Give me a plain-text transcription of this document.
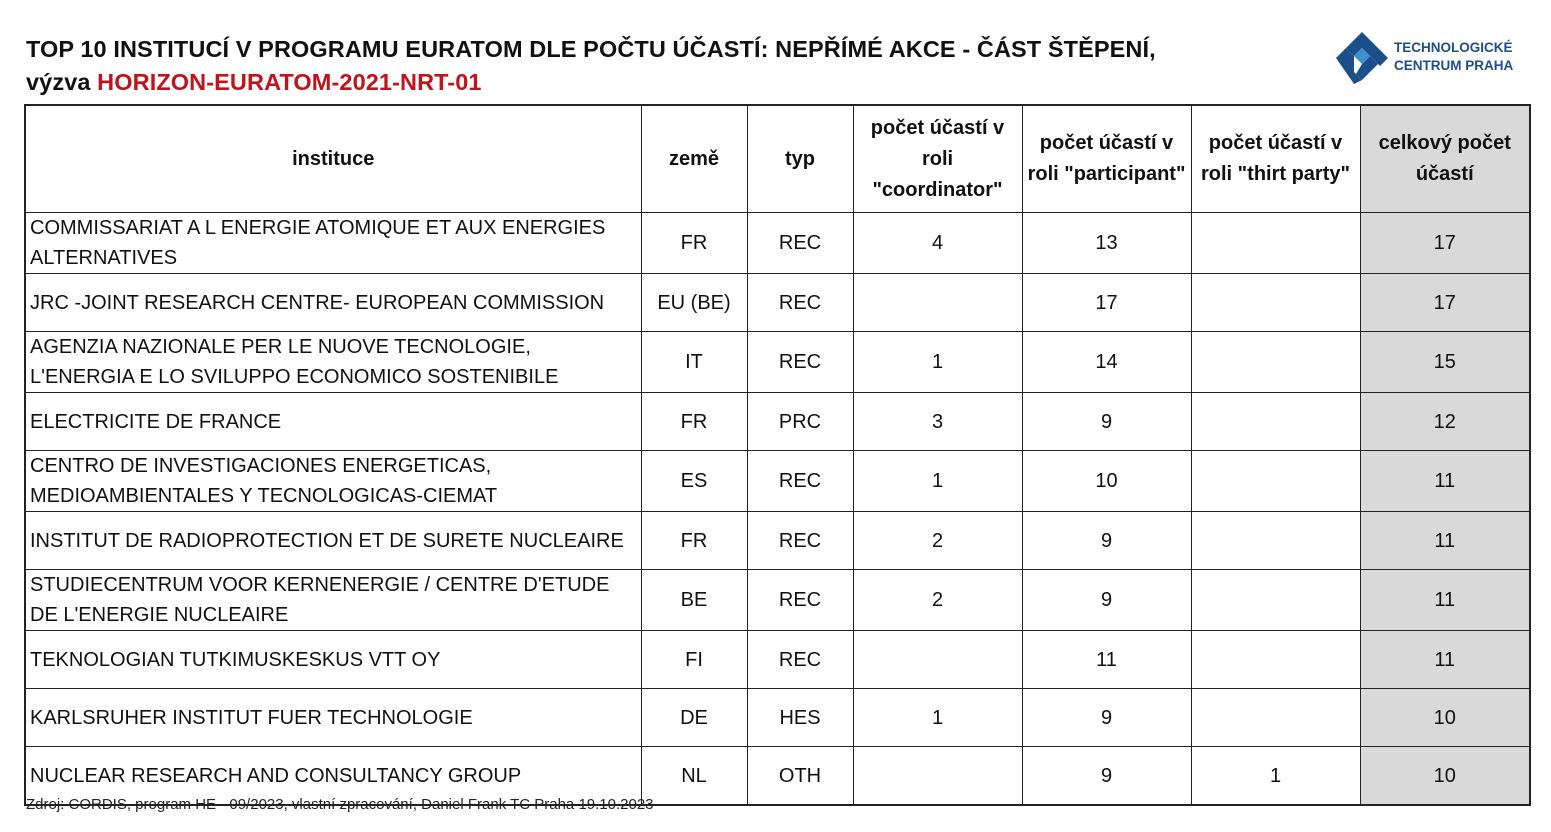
TOP 10 INSTITUCÍ V PROGRAMU EURATOM DLE POČTU ÚČASTÍ: NEPŘÍMÉ AKCE - ČÁST ŠTĚPENÍ,
výzva HORIZON-EURATOM-2021-NRT-01
TECHNOLOGICKÉ
CENTRUM PRAHA
instituce	země	typ	počet účastí v roli "coordinator"	počet účastí v roli "participant"	počet účastí v roli "thirt party"	celkový počet účastí
COMMISSARIAT A L ENERGIE ATOMIQUE ET AUX ENERGIES ALTERNATIVES	FR	REC	4	13		17
JRC -JOINT RESEARCH CENTRE- EUROPEAN COMMISSION	EU (BE)	REC		17		17
AGENZIA NAZIONALE PER LE NUOVE TECNOLOGIE, L'ENERGIA E LO SVILUPPO ECONOMICO SOSTENIBILE	IT	REC	1	14		15
ELECTRICITE DE FRANCE	FR	PRC	3	9		12
CENTRO DE INVESTIGACIONES ENERGETICAS, MEDIOAMBIENTALES Y TECNOLOGICAS-CIEMAT	ES	REC	1	10		11
INSTITUT DE RADIOPROTECTION ET DE SURETE NUCLEAIRE	FR	REC	2	9		11
STUDIECENTRUM VOOR KERNENERGIE / CENTRE D'ETUDE DE L'ENERGIE NUCLEAIRE	BE	REC	2	9		11
TEKNOLOGIAN TUTKIMUSKESKUS VTT OY	FI	REC		11		11
KARLSRUHER INSTITUT FUER TECHNOLOGIE	DE	HES	1	9		10
NUCLEAR RESEARCH AND CONSULTANCY GROUP	NL	OTH		9	1	10
Zdroj: CORDIS, program HE - 09/2023, vlastní zpracování, Daniel Frank TC Praha 19.10.2023
